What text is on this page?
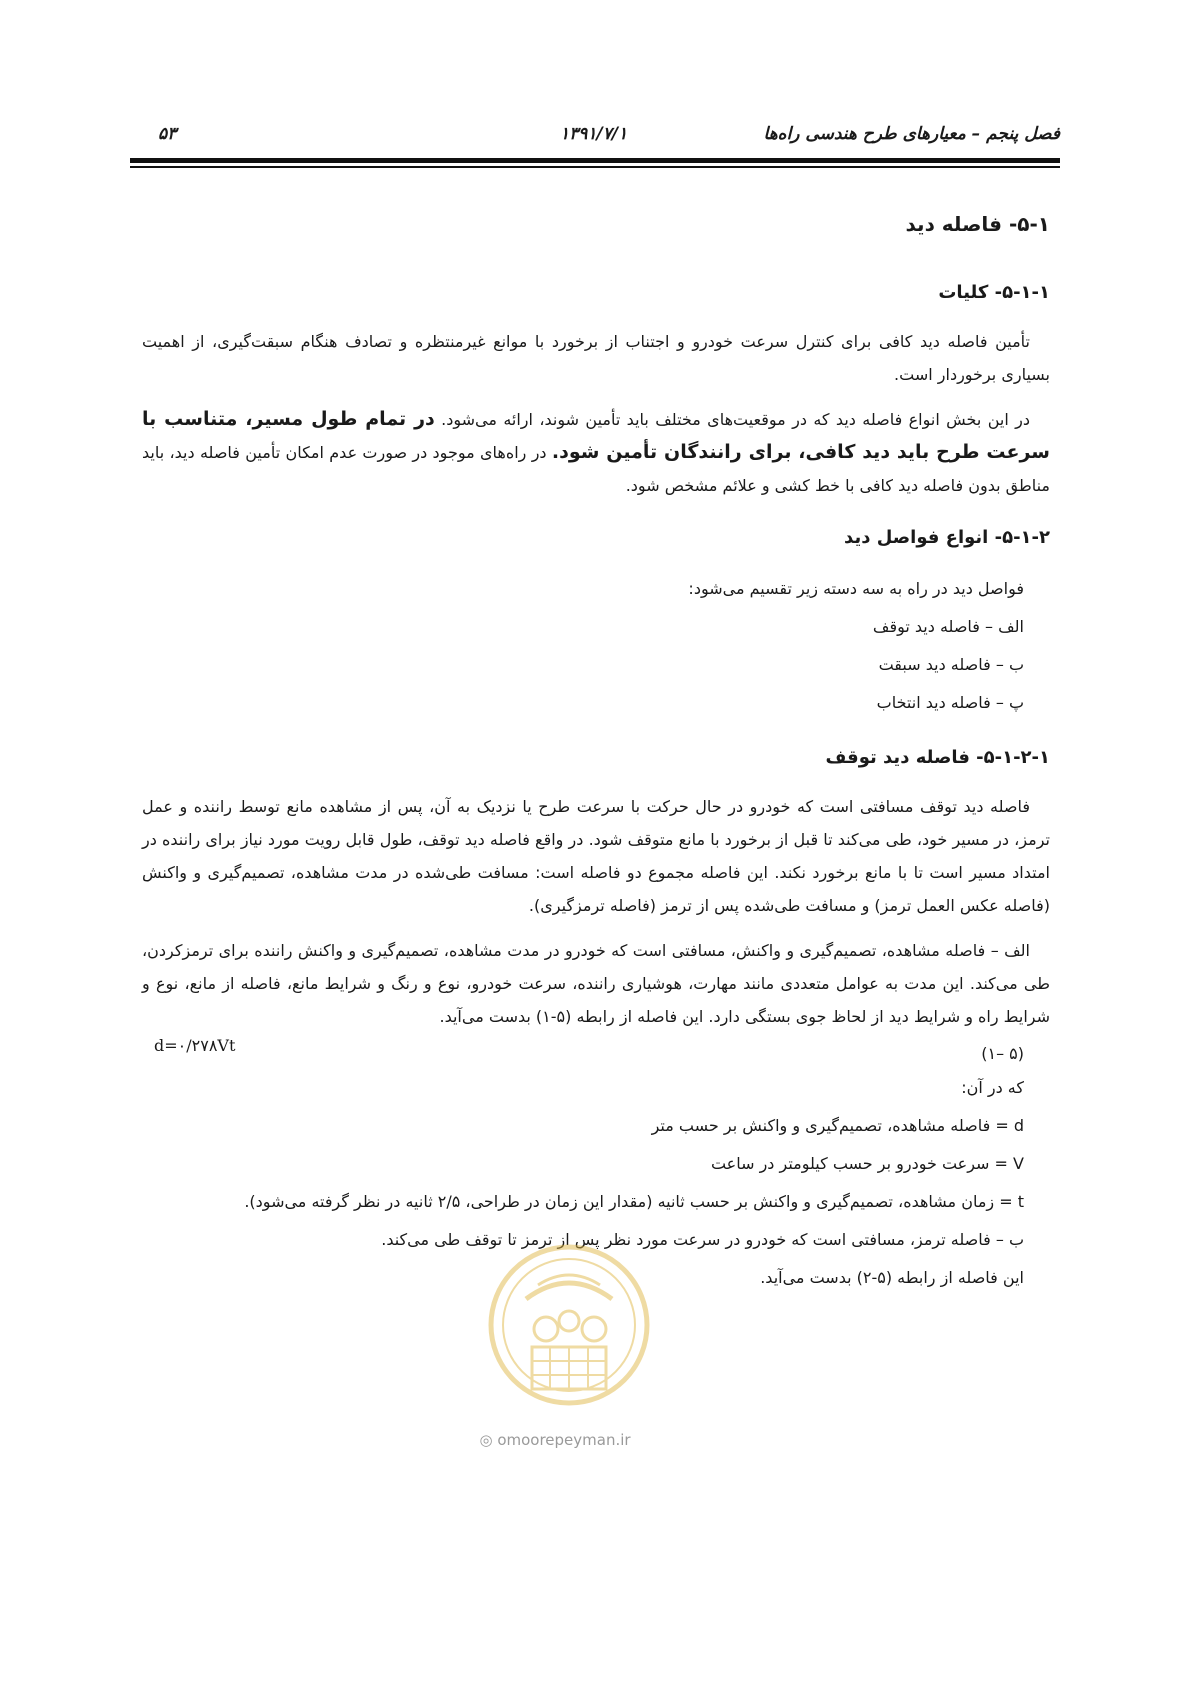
فصل پنجم – معیارهای طرح هندسی راه‌ها
۱۳۹۱/۷/۱
۵۳
۵-۱- فاصله دید
۵-۱-۱- کلیات

تأمین فاصله دید کافی برای کنترل سرعت خودرو و اجتناب از برخورد با موانع غیرمنتظره و تصادف هنگام سبقت‌گیری، از اهمیت بسیاری برخوردار است.

در این بخش انواع فاصله دید که در موقعیت‌های مختلف باید تأمین شوند، ارائه می‌شود. در تمام طول مسیر، متناسب با سرعت طرح باید دید کافی، برای رانندگان تأمین شود. در راه‌های موجود در صورت عدم امکان تأمین فاصله دید، باید مناطق بدون فاصله دید کافی با خط کشی و علائم مشخص شود.

۵-۱-۲- انواع فواصل دید
فواصل دید در راه به سه دسته زیر تقسیم می‌شود:
الف – فاصله دید توقف
ب – فاصله دید سبقت
پ – فاصله دید انتخاب
۵-۱-۲-۱- فاصله دید توقف

فاصله دید توقف مسافتی است که خودرو در حال حرکت با سرعت طرح یا نزدیک به آن، پس از مشاهده مانع توسط راننده و عمل ترمز، در مسیر خود، طی می‌کند تا قبل از برخورد با مانع متوقف شود. در واقع فاصله دید توقف، طول قابل رویت مورد نیاز برای راننده در امتداد مسیر است تا با مانع برخورد نکند. این فاصله مجموع دو فاصله است: مسافت طی‌شده در مدت مشاهده، تصمیم‌گیری و واکنش (فاصله عکس العمل ترمز) و مسافت طی‌شده پس از ترمز (فاصله ترمزگیری).

الف – فاصله مشاهده، تصمیم‌گیری و واکنش، مسافتی است که خودرو در مدت مشاهده، تصمیم‌گیری و واکنش راننده برای ترمزکردن، طی می‌کند. این مدت به عوامل متعددی مانند مهارت، هوشیاری راننده، سرعت خودرو، نوع و رنگ و شرایط مانع، فاصله از مانع، نوع و شرایط راه و شرایط دید از لحاظ جوی بستگی دارد. این فاصله از رابطه (۵-۱) بدست می‌آید.

(۵ –۱)
d=۰/۲۷۸Vt
که در آن:
d = فاصله مشاهده، تصمیم‌گیری و واکنش بر حسب متر
V = سرعت خودرو بر حسب کیلومتر در ساعت
t = زمان مشاهده، تصمیم‌گیری و واکنش بر حسب ثانیه (مقدار این زمان در طراحی، ۲/۵ ثانیه در نظر گرفته می‌شود).
ب – فاصله ترمز، مسافتی است که خودرو در سرعت مورد نظر پس از ترمز تا توقف طی می‌کند.
این فاصله از رابطه (۵-۲) بدست می‌آید.
◎ omoorepeyman.ir
